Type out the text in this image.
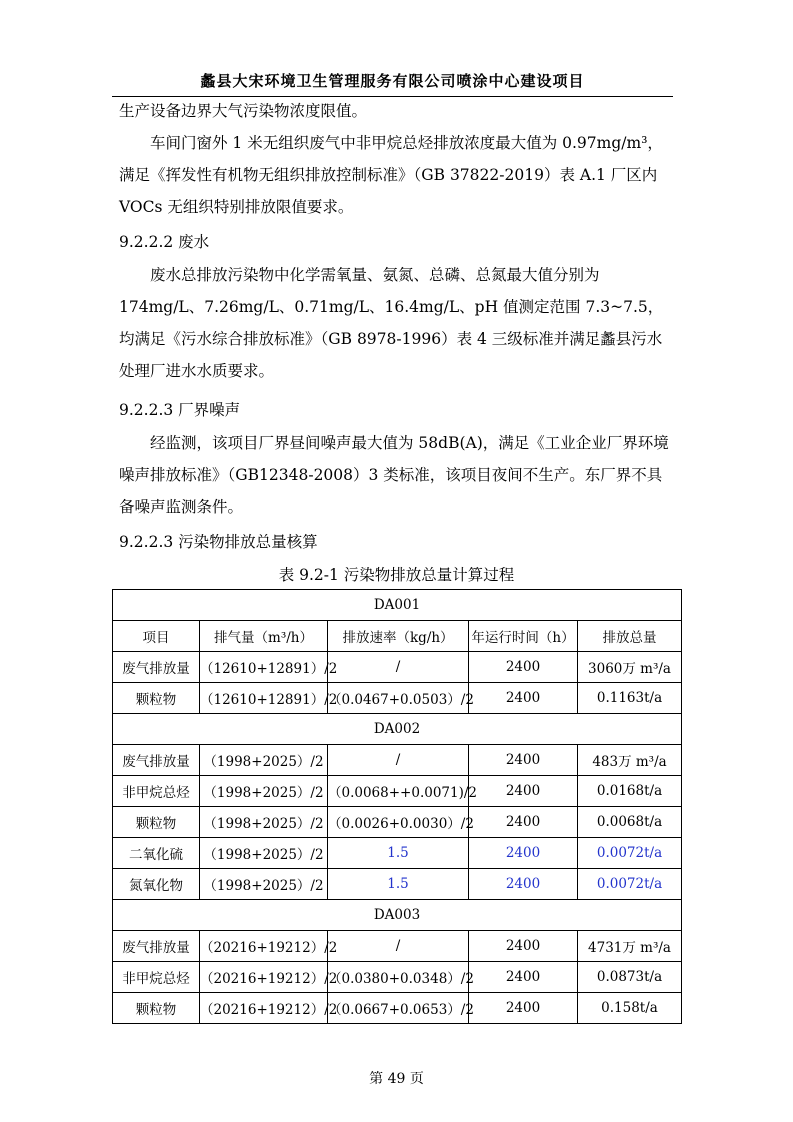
蠡县大宋环境卫生管理服务有限公司喷涂中心建设项目
生产设备边界大气污染物浓度限值。
车间门窗外 1 米无组织废气中非甲烷总烃排放浓度最大值为 0.97mg/m³，满足《挥发性有机物无组织排放控制标准》（GB 37822-2019）表 A.1 厂区内 VOCs 无组织特别排放限值要求。
9.2.2.2 废水
废水总排放污染物中化学需氧量、氨氮、总磷、总氮最大值分别为 174mg/L、7.26mg/L、0.71mg/L、16.4mg/L、pH 值测定范围 7.3~7.5，均满足《污水综合排放标准》（GB 8978-1996）表 4 三级标准并满足蠡县污水处理厂进水水质要求。
9.2.2.3 厂界噪声
经监测，该项目厂界昼间噪声最大值为 58dB(A)，满足《工业企业厂界环境噪声排放标准》（GB12348-2008）3 类标准，该项目夜间不生产。东厂界不具备噪声监测条件。
9.2.2.3 污染物排放总量核算
表 9.2-1 污染物排放总量计算过程
DA001				
项目	排气量（m³/h）	排放速率（kg/h）	年运行时间（h）	排放总量
废气排放量	（12610+12891）/2	/	2400	3060万 m³/a
颗粒物	（12610+12891）/2	（0.0467+0.0503）/2	2400	0.1163t/a
DA002				
废气排放量	（1998+2025）/2	/	2400	483万 m³/a
非甲烷总烃	（1998+2025）/2	（0.0068++0.0071)/2	2400	0.0168t/a
颗粒物	（1998+2025）/2	（0.0026+0.0030）/2	2400	0.0068t/a
二氧化硫	（1998+2025）/2	1.5	2400	0.0072t/a
氮氧化物	（1998+2025）/2	1.5	2400	0.0072t/a
DA003				
废气排放量	（20216+19212）/2	/	2400	4731万 m³/a
非甲烷总烃	（20216+19212）/2	（0.0380+0.0348）/2	2400	0.0873t/a
颗粒物	（20216+19212）/2	（0.0667+0.0653）/2	2400	0.158t/a
第 49 页
